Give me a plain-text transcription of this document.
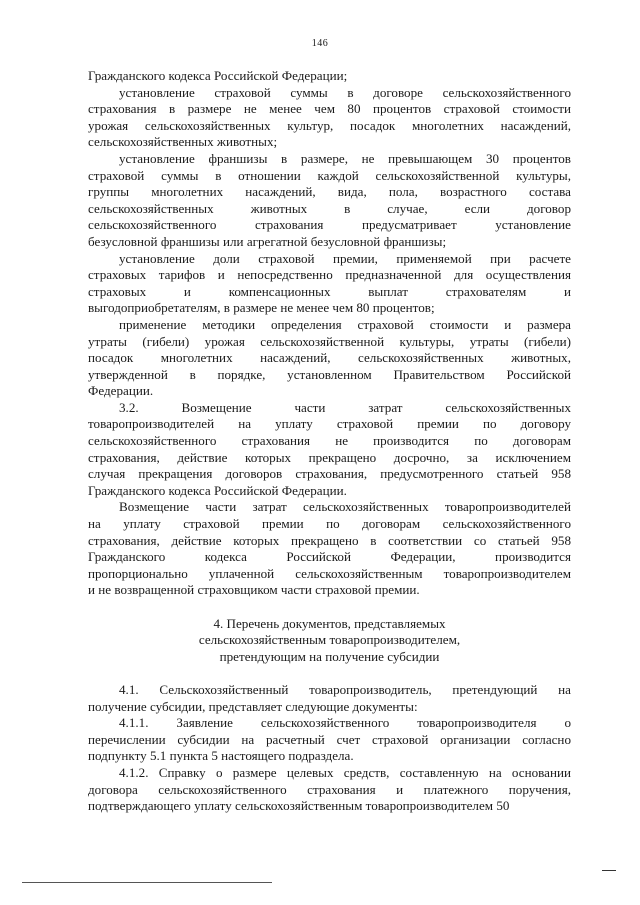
146
Гражданского кодекса Российской Федерации;
установление страховой суммы в договоре сельскохозяйственного
страхования в размере не менее чем 80 процентов страховой стоимости
урожая сельскохозяйственных культур, посадок многолетних насаждений,
сельскохозяйственных животных;
установление франшизы в размере, не превышающем 30 процентов
страховой суммы в отношении каждой сельскохозяйственной культуры,
группы многолетних насаждений, вида, пола, возрастного состава
сельскохозяйственных животных в случае, если договор
сельскохозяйственного страхования предусматривает установление
безусловной франшизы или агрегатной безусловной франшизы;
установление доли страховой премии, применяемой при расчете
страховых тарифов и непосредственно предназначенной для осуществления
страховых и компенсационных выплат страхователям и
выгодоприобретателям, в размере не менее чем 80 процентов;
применение методики определения страховой стоимости и размера
утраты (гибели) урожая сельскохозяйственной культуры, утраты (гибели)
посадок многолетних насаждений, сельскохозяйственных животных,
утвержденной в порядке, установленном Правительством Российской
Федерации.
3.2. Возмещение части затрат сельскохозяйственных
товаропроизводителей на уплату страховой премии по договору
сельскохозяйственного страхования не производится по договорам
страхования, действие которых прекращено досрочно, за исключением
случая прекращения договоров страхования, предусмотренного статьей 958
Гражданского кодекса Российской Федерации.
Возмещение части затрат сельскохозяйственных товаропроизводителей
на уплату страховой премии по договорам сельскохозяйственного
страхования, действие которых прекращено в соответствии со статьей 958
Гражданского кодекса Российской Федерации, производится
пропорционально уплаченной сельскохозяйственным товаропроизводителем
и не возвращенной страховщиком части страховой премии.
4. Перечень документов, представляемых
сельскохозяйственным товаропроизводителем,
претендующим на получение субсидии
4.1. Сельскохозяйственный товаропроизводитель, претендующий на
получение субсидии, представляет следующие документы:
4.1.1. Заявление сельскохозяйственного товаропроизводителя о
перечислении субсидии на расчетный счет страховой организации согласно
подпункту 5.1 пункта 5 настоящего подраздела.
4.1.2. Справку о размере целевых средств, составленную на основании
договора сельскохозяйственного страхования и платежного поручения,
подтверждающего уплату сельскохозяйственным товаропроизводителем 50
